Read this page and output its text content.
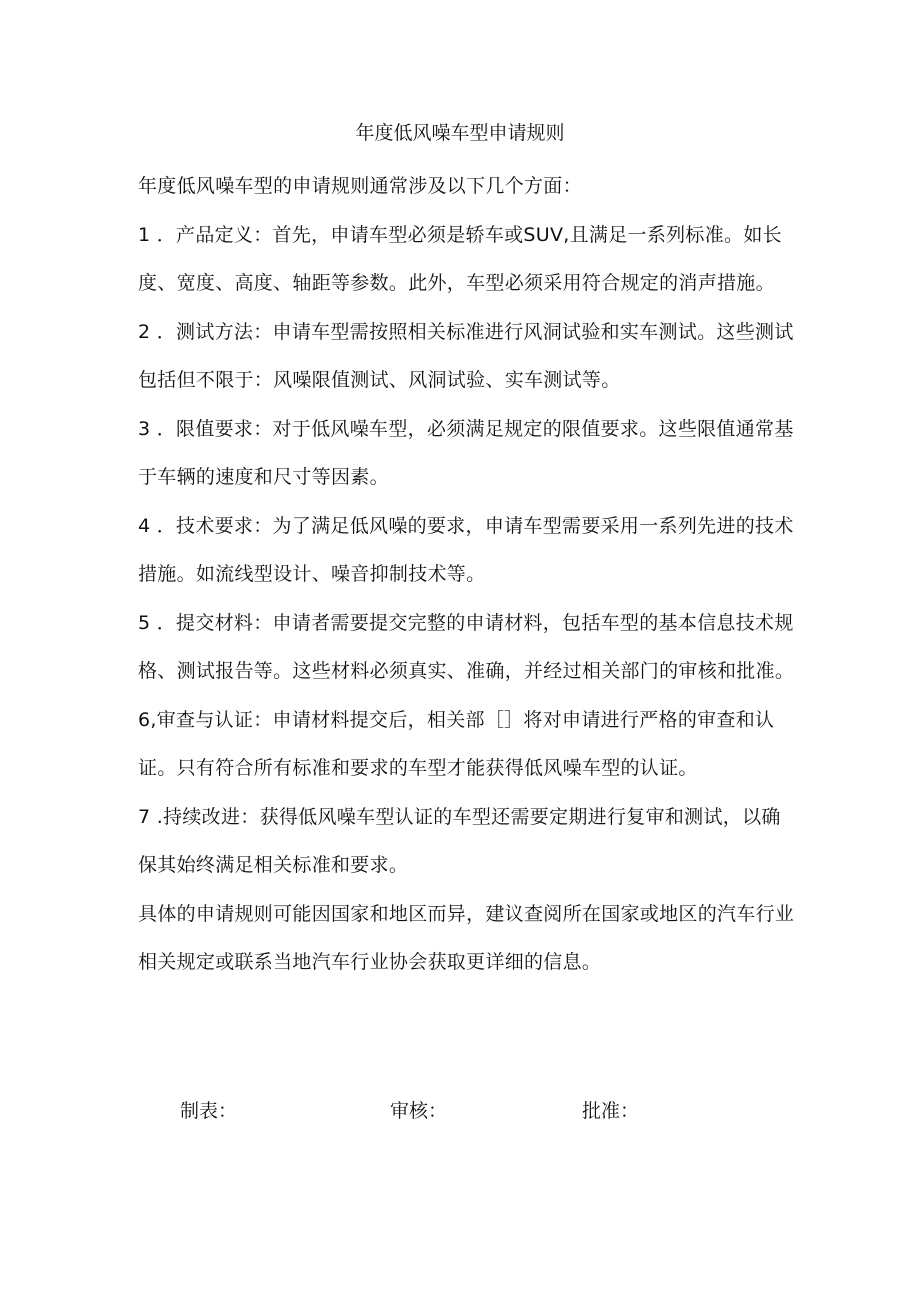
年度低风噪车型申请规则

年度低风噪车型的申请规则通常涉及以下几个方面：

1 ．产品定义：首先，申请车型必须是轿车或SUV,且满足一系列标准。如长度、宽度、高度、轴距等参数。此外，车型必须采用符合规定的消声措施。

2 ．测试方法：申请车型需按照相关标准进行风洞试验和实车测试。这些测试包括但不限于：风噪限值测试、风洞试验、实车测试等。

3 ．限值要求：对于低风噪车型，必须满足规定的限值要求。这些限值通常基于车辆的速度和尺寸等因素。

4 ．技术要求：为了满足低风噪的要求，申请车型需要采用一系列先进的技术措施。如流线型设计、噪音抑制技术等。

5 ．提交材料：申请者需要提交完整的申请材料，包括车型的基本信息技术规格、测试报告等。这些材料必须真实、准确，并经过相关部门的审核和批准。

6,审查与认证：申请材料提交后，相关部［］将对申请进行严格的审查和认证。只有符合所有标准和要求的车型才能获得低风噪车型的认证。

7 .持续改进：获得低风噪车型认证的车型还需要定期进行复审和测试，以确保其始终满足相关标准和要求。

具体的申请规则可能因国家和地区而异，建议查阅所在国家或地区的汽车行业相关规定或联系当地汽车行业协会获取更详细的信息。

制表：	审核：	批准：
